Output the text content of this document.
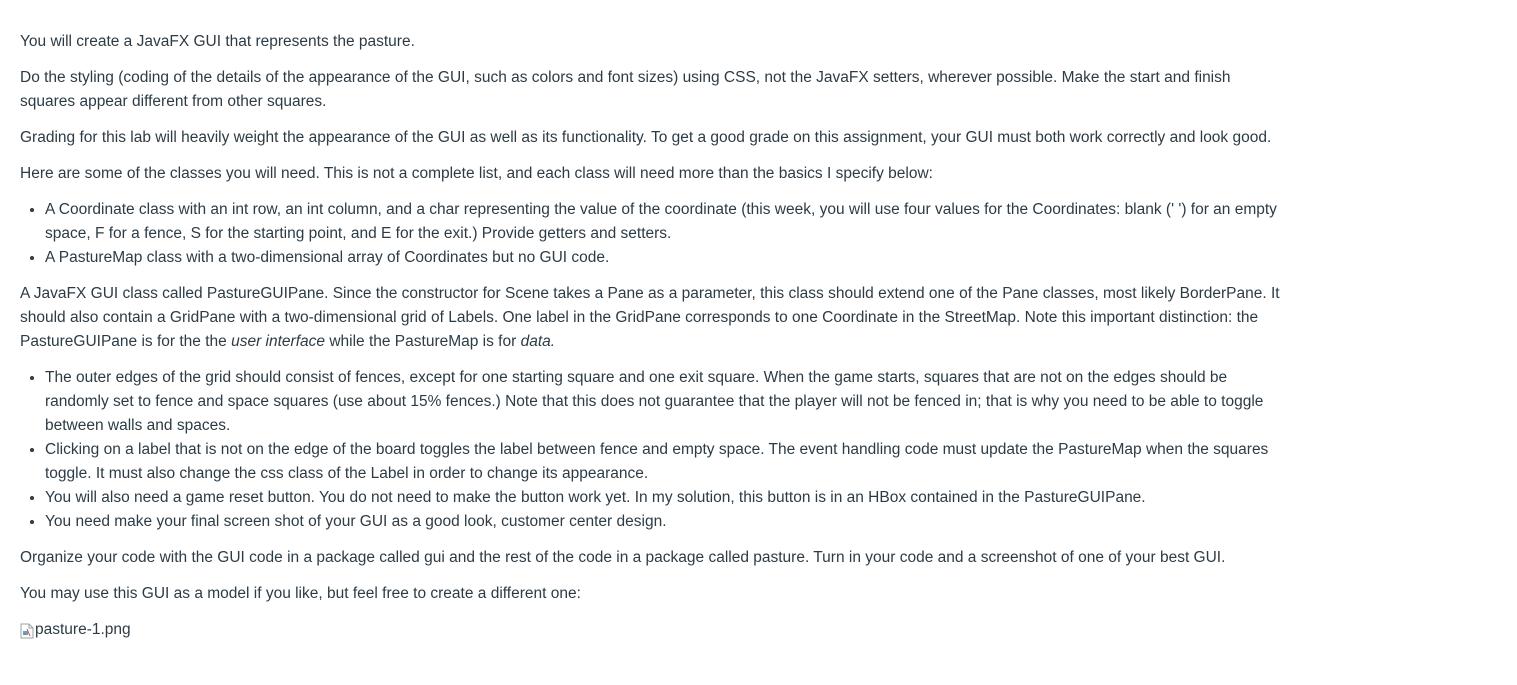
You will create a JavaFX GUI that represents the pasture.

Do the styling (coding of the details of the appearance of the GUI, such as colors and font sizes) using CSS, not the JavaFX setters, wherever possible. Make the start and finish squares appear different from other squares.

Grading for this lab will heavily weight the appearance of the GUI as well as its functionality. To get a good grade on this assignment, your GUI must both work correctly and look good.

Here are some of the classes you will need. This is not a complete list, and each class will need more than the basics I specify below:

• A Coordinate class with an int row, an int column, and a char representing the value of the coordinate (this week, you will use four values for the Coordinates: blank (' ') for an empty space, F for a fence, S for the starting point, and E for the exit.) Provide getters and setters.
• A PastureMap class with a two-dimensional array of Coordinates but no GUI code.

A JavaFX GUI class called PastureGUIPane. Since the constructor for Scene takes a Pane as a parameter, this class should extend one of the Pane classes, most likely BorderPane. It should also contain a GridPane with a two-dimensional grid of Labels. One label in the GridPane corresponds to one Coordinate in the StreetMap. Note this important distinction: the PastureGUIPane is for the the user interface while the PastureMap is for data.

• The outer edges of the grid should consist of fences, except for one starting square and one exit square. When the game starts, squares that are not on the edges should be randomly set to fence and space squares (use about 15% fences.) Note that this does not guarantee that the player will not be fenced in; that is why you need to be able to toggle between walls and spaces.
• Clicking on a label that is not on the edge of the board toggles the label between fence and empty space. The event handling code must update the PastureMap when the squares toggle. It must also change the css class of the Label in order to change its appearance.
• You will also need a game reset button. You do not need to make the button work yet. In my solution, this button is in an HBox contained in the PastureGUIPane.
• You need make your final screen shot of your GUI as a good look, customer center design.

Organize your code with the GUI code in a package called gui and the rest of the code in a package called pasture. Turn in your code and a screenshot of one of your best GUI.

You may use this GUI as a model if you like, but feel free to create a different one:

pasture-1.png
